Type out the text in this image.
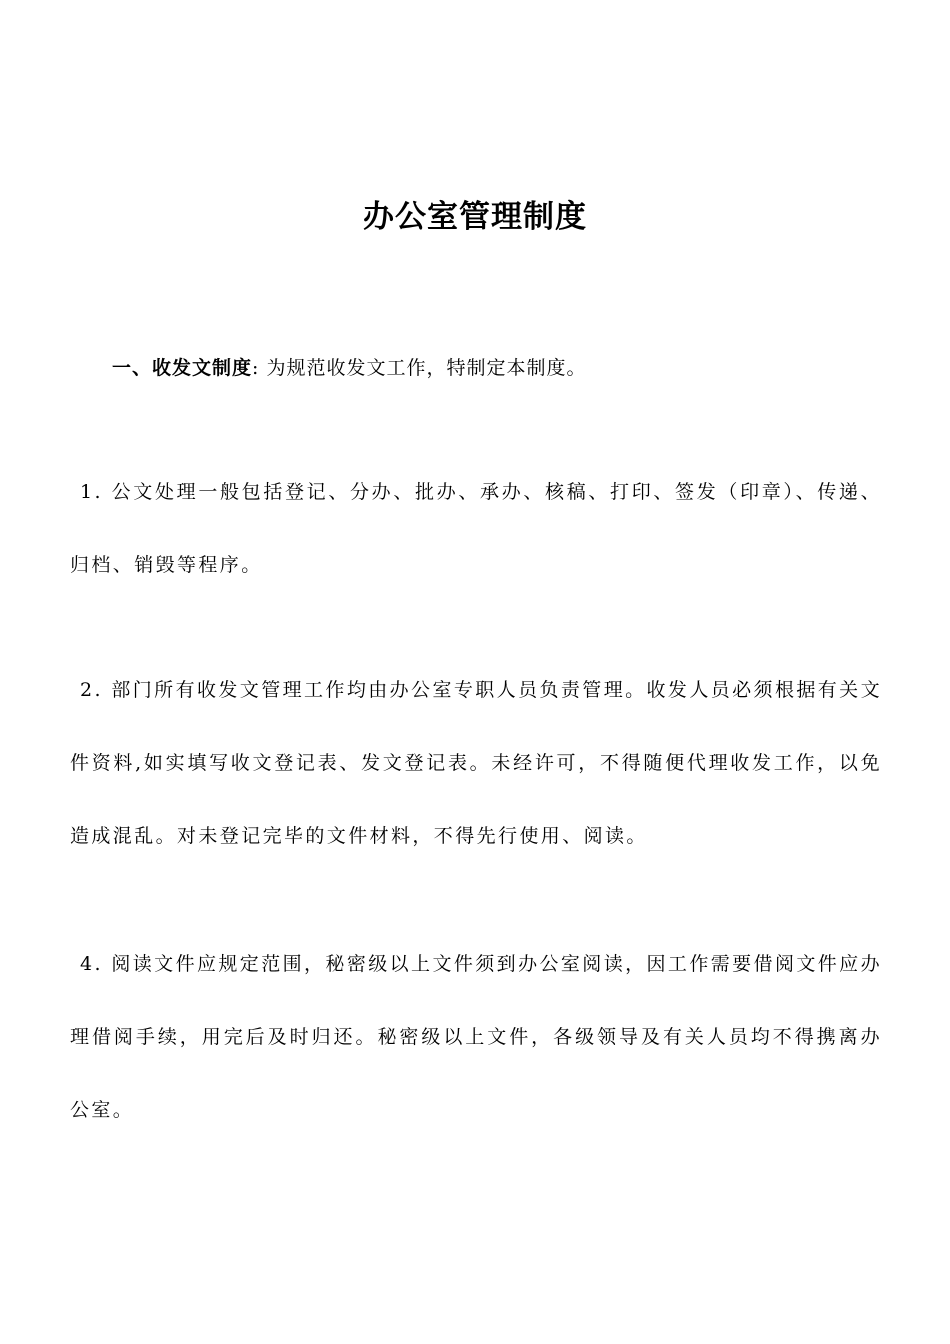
办公室管理制度
一、收发文制度: 为规范收发文工作，特制定本制度。
1. 公文处理一般包括登记、分办、批办、承办、核稿、打印、签发（印章）、传递、归档、销毁等程序。
2. 部门所有收发文管理工作均由办公室专职人员负责管理。收发人员必须根据有关文件资料,如实填写收文登记表、发文登记表。未经许可，不得随便代理收发工作，以免造成混乱。对未登记完毕的文件材料，不得先行使用、阅读。
4. 阅读文件应规定范围，秘密级以上文件须到办公室阅读，因工作需要借阅文件应办理借阅手续，用完后及时归还。秘密级以上文件，各级领导及有关人员均不得携离办公室。
